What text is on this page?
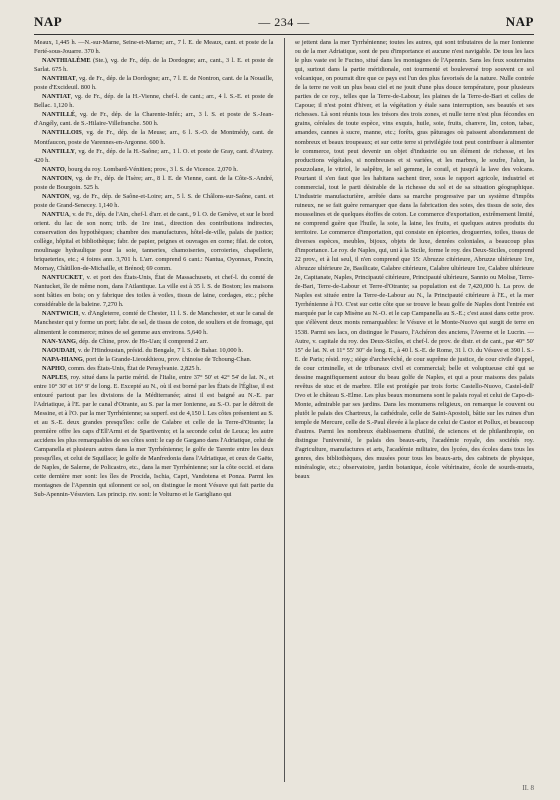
NAP	— 234 —	NAP

Meaux, 1,445 h. —N.-sur-Marne, Seine-et-Marne; arr., 7 l. E. de Meaux, cant. et poste de la Ferté-sous-Jouarre. 370 h.

NANTHIALÈME (Ste.), vg. de Fr., dép. de la Dordogne; arr., cant., 3 l. E. et poste de Sarlat. 675 h.

NANTHIAT, vg. de Fr., dép. de la Dordogne; arr., 7 l. E. de Nontron, cant. de la Nouaille, poste d'Excideuil. 800 h.

NANTIAT, vg. de Fr., dép. de la H.-Vienne, chef-l. de cant.; arr., 4 l. S.-E. et poste de Bellac. 1,120 h.

NANTILLÉ, vg. de Fr., dép. de la Charente-Infér.; arr., 3 l. S. et poste de S.-Jean-d'Angély, cant. de S.-Hilaire-Villefranche. 500 h.

NANTILLOIS, vg. de Fr., dép. de la Meuse; arr., 6 l. S.-O. de Montmédy, cant. de Montfaucon, poste de Varennes-en-Argonne. 600 h.

NANTILLY, vg. de Fr., dép. de la H.-Saône; arr., 1 l. O. et poste de Gray, cant. d'Autrey. 420 h.

NANTO, bourg du roy. Lombard-Vénitien; prov., 3 l. S. de Vicence. 2,070 h.

NANTOIN, vg. de Fr., dép. de l'Isère; arr., 8 l. E. de Vienne, cant. de la Côte-S.-André, poste de Bourgoin. 525 h.

NANTON, vg. de Fr., dép. de Saône-et-Loire; arr., 5 l. S. de Châlons-sur-Saône, cant. et poste de Grand-Senecey. 1,140 h.

NANTUA, v. de Fr., dép. de l'Ain, chef-l. d'arr. et de cant., 9 l. O. de Genève, et sur le bord orient. du lac de son nom; trib. de 1re inst., direction des contributions indirectes, conservation des hypothèques; chambre des manufactures, hôtel-de-ville, palais de justice; collège, hôpital et bibliothèque; fabr. de papier, peignes et ouvrages en corne; filat. de coton, moulinage hydraulique pour la soie, tanneries, chamoiseries, corroieries, chapellerie, briqueteries, etc.; 4 foires ann. 3,701 h. L'arr. comprend 6 cant.: Nantua, Oyonnax, Poncin, Mornay, Châtillon-de-Michaille, et Brénod; 69 comm.

NANTUCKET, v. et port des États-Unis, État de Massachusets, et chef-l. du comté de Nantucket, île de même nom, dans l'Atlantique. La ville est à 35 l. S. de Boston; les maisons sont bâties en bois; on y fabrique des toiles à voiles, tissus de laine, cordages, etc.; pêche considérable de la baleine. 7,270 h.

NANTWICH, v. d'Angleterre, comté de Chester, 11 l. S. de Manchester, et sur le canal de Manchester qui y forme un port; fabr. de sel, de tissus de coton, de souliers et de fromage, qui alimentent le commerce; mines de sel gemme aux environs. 5,640 h.

NAN-YANG, dép. de Chine, prov. de Ho-Uan; il comprend 2 arr.

NAOUDAH, v. de l'Hindoustan, présid. du Bengale, 7 l. S. de Bahar. 10,000 h.

NAPA-HIANG, port de la Grande-Lieoukhieou, prov. chinoise de Tchoung-Chan.

NAPHO, comm. des États-Unis, État de Pensylvanie. 2,825 h.

NAPLES, roy. situé dans la partie mérid. de l'Italie, entre 37° 50' et 42° 54' de lat. N., et entre 10° 30' et 16° 9' de long. E. Excepté au N., où il est borné par les États de l'Église, il est entouré partout par les divisions de la Méditerranée; ainsi il est baigné au N.-E. par l'Adriatique, à l'E. par le canal d'Otrante, au S. par la mer Ionienne, au S.-O. par le détroit de Messine, et à l'O. par la mer Tyrrhénienne; sa superf. est de 4,150 l. Les côtes présentent au S. et au S.-E. deux grandes presqu'îles: celle de Calabre et celle de la Terre-d'Otrante; la première offre les caps d'Ell'Armi et de Spartivento; et la seconde celui de Leuca; les autre accidens les plus remarquables de ses côtes sont: le cap de Gargano dans l'Adriatique, celui de Campanella et plusieurs autres dans la mer Tyrrhénienne; le golfe de Tarente entre les deux presqu'îles, et celui de Squillace; le golfe de Manfredonia dans l'Adriatique, et ceux de Gaëte, de Naples, de Salerne, de Policastro, etc., dans la mer Tyrrhénienne; sur la côte occid. et dans cette dernière mer sont: les îles de Procida, Ischia, Capri, Vandotena et Ponza. Parmi les montagnes de l'Apennin qui silonnent ce sol, on distingue le mont Vésuve qui fait partie du Sub-Apennin-Vésuvien. Les princip. riv. sont: le Volturno et le Garigliano qui

se jettent dans la mer Tyrrhénienne; toutes les autres, qui sont tributaires de la mer Ionienne ou de la mer Adriatique, sont de peu d'importance et aucune n'est navigable. De tous les lacs le plus vaste est le Fucino, situé dans les montagnes de l'Apennin. Sans les feux souterrains qui, surtout dans la partie méridionale, ont tourmenté et bouleversé trop souvent ce sol volcanique, on pourrait dire que ce pays est l'un des plus favorisés de la nature. Nulle contrée de la terre ne voit un plus beau ciel et ne jouit d'une plus douce température, pour plusieurs parties de ce roy., telles que la Terre-de-Labour, les plaines de la Terre-de-Bari et celles de Capoue; il n'est point d'hiver, et la végétation y étale sans interruption, ses beautés et ses richesses. Là sont réunis tous les trésors des trois zones, et nulle terre n'est plus fécondes en grains, céréales de toute espèce, vins exquis, huile, soie, fruits, chanvre, lin, coton, tabac, amandes, cannes à sucre, manne, etc.; forêts, gras pâturages où paissent abondamment de nombreux et beaux troupeaux; et sur cette terre si privilégiée tout peut contribuer à alimenter le commerce, tout peut devenir un objet d'industrie ou un élément de richesse, et les productions végétales, si nombreuses et si variées, et les marbres, le soufre, l'alun, la pouzzolane, le vitriol, le salpêtre, le sel gemme, le corail, et jusqu'à la lave des volcans. Pourtant il s'en faut que les habitans sachent tirer, sous le rapport agricole, industriel et commercial, tout le parti désirable de la richesse du sol et de sa situation géographique. L'industrie manufacturière, arrêtée dans sa marche progressive par un système d'impôts ruineux, ne se fait guère remarquer que dans la fabrication des soies, des tissus de soie, des mousselines et de quelques étoffes de coton. Le commerce d'exportation, extrêmement limité, ne comprend guère que l'huile, la soie, la laine, les fruits, et quelques autres produits du territoire. Le commerce d'importation, qui consiste en épiceries, droguerries, toiles, tissus de diverses espèces, meubles, bijoux, objets de luxe, denrées coloniales, a beaucoup plus d'importance. Le roy. de Naples, qui, uni à la Sicile, forme le roy. des Deux-Siciles, comprend 22 prov., et à lui seul, il n'en comprend que 15: Abruzze citérieure, Abruzze ultérieure 1re, Abruzze ultérieure 2e, Basilicate, Calabre citérieure, Calabre ultérieure 1re, Calabre ultérieure 2e, Capitanate, Naples, Principauté citérieure, Principauté ultérieure, Sannio ou Molise, Terre-de-Bari, Terre-de-Labour et Terre-d'Otrante; sa population est de 7,420,000 h. La prov. de Naples est située entre la Terre-de-Labour au N., la Principauté citérieure à l'E., et la mer Tyrrhénienne à l'O. C'est sur cette côte que se trouve le beau golfe de Naples dont l'entrée est marquée par le cap Misène au N.-O. et le cap Campanella au S.-E.; c'est aussi dans cette prov. que s'élèvent deux monts remarquables: le Vésuve et le Monte-Nuovo qui surgit de terre en 1538. Parmi ses lacs, on distingue le Fusaro, l'Achéron des anciens, l'Averne et le Lucrin. —Autre, v. capitale du roy. des Deux-Siciles, et chef-l. de prov. de distr. et de cant., par 40° 50' 15" de lat. N. et 11° 55' 30" de long. E., à 40 l. S.-E. de Rome, 31 l. O. du Vésuve et 390 l. S.-E. de Paris; résid. roy.; siège d'archevêché, de cour suprême de justice, de cour civile d'appel, de cour criminelle, et de tribunaux civil et commercial; belle et voluptueuse cité qui se dessine magnifiquement autour du beau golfe de Naples, et qui a pour maisons des palais revêtus de stuc et de marbre. Elle est protégée par trois forts: Castello-Nuovo, Castel-dell' Ovo et le château S.-Elme. Les plus beaux monumens sont le palais royal et celui de Capo-di-Monte, admirable par ses jardins. Dans les monumens religieux, on remarque le couvent ou plutôt le palais des Chartreux, la cathédrale, celle de Saint-Apostoli, bâtie sur les ruines d'un temple de Mercure, celle de S.-Paul élevée à la place de celui de Castor et Pollux, et beaucoup d'autres. Parmi les nombreux établissemens d'utilité, de sciences et de philanthropie, on distingue l'université, le palais des beaux-arts, l'académie royale, des sociétés roy. d'agriculture, manufactures et arts, l'académie militaire, des lycées, des écoles dans tous les genres, des bibliothèques, des musées pour tous les beaux-arts, des cabinets de physique, minéralogie, etc.; observatoire, jardin botanique, école vétérinaire, école de sourds-muets, beaux

II. 8
